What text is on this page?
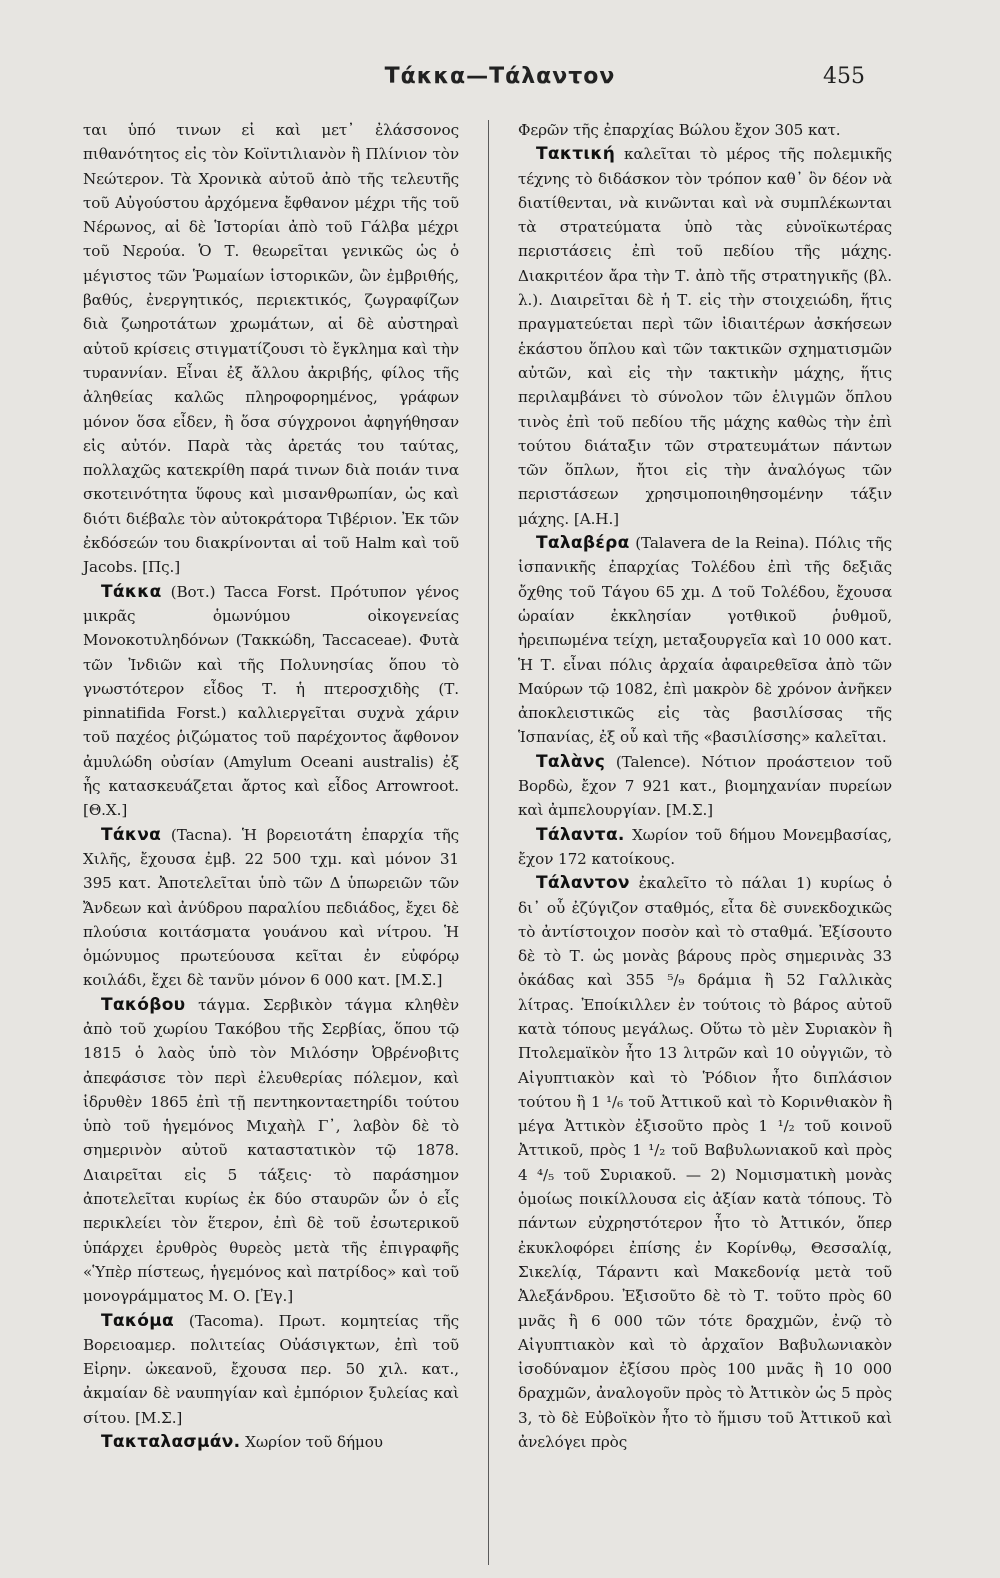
Τάκκα—Τάλαντον	455

ται ὑπό τινων εἰ καὶ μετ᾽ ἐλάσσονος πιθανότητος εἰς τὸν Κοϊντιλιανὸν ἢ Πλίνιον τὸν Νεώτερον. Τὰ Χρονικὰ αὐτοῦ ἀπὸ τῆς τελευτῆς τοῦ Αὐγούστου ἀρχόμενα ἔφθανον μέχρι τῆς τοῦ Νέρωνος, αἱ δὲ Ἱστορίαι ἀπὸ τοῦ Γάλβα μέχρι τοῦ Νερούα. Ὁ Τ. θεωρεῖται γενικῶς ὡς ὁ μέγιστος τῶν Ῥωμαίων ἱστορικῶν, ὢν ἐμβριθής, βαθύς, ἐνεργητικός, περιεκτικός, ζωγραφίζων διὰ ζωηροτάτων χρωμάτων, αἱ δὲ αὐστηραὶ αὐτοῦ κρίσεις στιγματίζουσι τὸ ἔγκλημα καὶ τὴν τυραννίαν. Εἶναι ἐξ ἄλλου ἀκριβής, φίλος τῆς ἀληθείας καλῶς πληροφορημένος, γράφων μόνον ὅσα εἶδεν, ἢ ὅσα σύγχρονοι ἀφηγήθησαν εἰς αὐτόν. Παρὰ τὰς ἀρετάς του ταύτας, πολλαχῶς κατεκρίθη παρά τινων διὰ ποιάν τινα σκοτεινότητα ὕφους καὶ μισανθρωπίαν, ὡς καὶ διότι διέβαλε τὸν αὐτοκράτορα Τιβέριον. Ἐκ τῶν ἐκδόσεών του διακρίνονται αἱ τοῦ Halm καὶ τοῦ Jacobs. [Πς.]

Τάκκα (Βοτ.) Tacca Forst. Πρότυπον γένος μικρᾶς ὁμωνύμου οἰκογενείας Μονοκοτυληδόνων (Τακκώδη, Taccaceae). Φυτὰ τῶν Ἰνδιῶν καὶ τῆς Πολυνησίας ὅπου τὸ γνωστότερον εἶδος Τ. ἡ πτεροσχιδὴς (Τ. pinnatifida Forst.) καλλιεργεῖται συχνὰ χάριν τοῦ παχέος ῥιζώματος τοῦ παρέχοντος ἄφθονον ἀμυλώδη οὐσίαν (Amylum Oceani australis) ἐξ ἧς κατασκευάζεται ἄρτος καὶ εἶδος Arrowroot. [Θ.Χ.]

Τάκνα (Tacna). Ἡ βορειοτάτη ἐπαρχία τῆς Χιλῆς, ἔχουσα ἐμβ. 22 500 τχμ. καὶ μόνον 31 395 κατ. Ἀποτελεῖται ὑπὸ τῶν Δ ὑπωρειῶν τῶν Ἄνδεων καὶ ἀνύδρου παραλίου πεδιάδος, ἔχει δὲ πλούσια κοιτάσματα γουάνου καὶ νίτρου. Ἡ ὁμώνυμος πρωτεύουσα κεῖται ἐν εὐφόρῳ κοιλάδι, ἔχει δὲ τανῦν μόνον 6 000 κατ. [Μ.Σ.]

Τακόβου τάγμα. Σερβικὸν τάγμα κληθὲν ἀπὸ τοῦ χωρίου Τακόβου τῆς Σερβίας, ὅπου τῷ 1815 ὁ λαὸς ὑπὸ τὸν Μιλόσην Ὀβρένοβιτς ἀπεφάσισε τὸν περὶ ἐλευθερίας πόλεμον, καὶ ἱδρυθὲν 1865 ἐπὶ τῇ πεντηκονταετηρίδι τούτου ὑπὸ τοῦ ἡγεμόνος Μιχαὴλ Γ᾽, λαβὸν δὲ τὸ σημερινὸν αὐτοῦ καταστατικὸν τῷ 1878. Διαιρεῖται εἰς 5 τάξεις· τὸ παράσημον ἀποτελεῖται κυρίως ἐκ δύο σταυρῶν ὧν ὁ εἷς περικλείει τὸν ἕτερον, ἐπὶ δὲ τοῦ ἐσωτερικοῦ ὑπάρχει ἐρυθρὸς θυρεὸς μετὰ τῆς ἐπιγραφῆς «Ὑπὲρ πίστεως, ἡγεμόνος καὶ πατρίδος» καὶ τοῦ μονογράμματος Μ. Ο. [Ἐγ.]

Τακόμα (Tacoma). Πρωτ. κομητείας τῆς Βορειοαμερ. πολιτείας Οὐάσιγκτων, ἐπὶ τοῦ Εἰρην. ὠκεανοῦ, ἔχουσα περ. 50 χιλ. κατ., ἀκμαίαν δὲ ναυπηγίαν καὶ ἐμπόριον ξυλείας καὶ σίτου. [Μ.Σ.]

Τακταλασμάν. Χωρίον τοῦ δήμου

Φερῶν τῆς ἐπαρχίας Βώλου ἔχον 305 κατ.

Τακτική καλεῖται τὸ μέρος τῆς πολεμικῆς τέχνης τὸ διδάσκον τὸν τρόπον καθ᾽ ὃν δέον νὰ διατίθενται, νὰ κινῶνται καὶ νὰ συμπλέκωνται τὰ στρατεύματα ὑπὸ τὰς εὐνοϊκωτέρας περιστάσεις ἐπὶ τοῦ πεδίου τῆς μάχης. Διακριτέον ἄρα τὴν Τ. ἀπὸ τῆς στρατηγικῆς (βλ. λ.). Διαιρεῖται δὲ ἡ Τ. εἰς τὴν στοιχειώδη, ἥτις πραγματεύεται περὶ τῶν ἰδιαιτέρων ἀσκήσεων ἑκάστου ὅπλου καὶ τῶν τακτικῶν σχηματισμῶν αὐτῶν, καὶ εἰς τὴν τακτικὴν μάχης, ἥτις περιλαμβάνει τὸ σύνολον τῶν ἑλιγμῶν ὅπλου τινὸς ἐπὶ τοῦ πεδίου τῆς μάχης καθὼς τὴν ἐπὶ τούτου διάταξιν τῶν στρατευμάτων πάντων τῶν ὅπλων, ἤτοι εἰς τὴν ἀναλόγως τῶν περιστάσεων χρησιμοποιηθησομένην τάξιν μάχης. [Α.Η.]

Ταλαβέρα (Talavera de la Reina). Πόλις τῆς ἱσπανικῆς ἐπαρχίας Τολέδου ἐπὶ τῆς δεξιᾶς ὄχθης τοῦ Τάγου 65 χμ. Δ τοῦ Τολέδου, ἔχουσα ὡραίαν ἐκκλησίαν γοτθικοῦ ῥυθμοῦ, ἠρειπωμένα τείχη, μεταξουργεῖα καὶ 10 000 κατ. Ἡ Τ. εἶναι πόλις ἀρχαία ἀφαιρεθεῖσα ἀπὸ τῶν Μαύρων τῷ 1082, ἐπὶ μακρὸν δὲ χρόνον ἀνῆκεν ἀποκλειστικῶς εἰς τὰς βασιλίσσας τῆς Ἱσπανίας, ἐξ οὗ καὶ τῆς «βασιλίσσης» καλεῖται.

Ταλὰνς (Talence). Νότιον προάστειον τοῦ Βορδὼ, ἔχον 7 921 κατ., βιομηχανίαν πυρείων καὶ ἀμπελουργίαν. [Μ.Σ.]

Τάλαντα. Χωρίον τοῦ δήμου Μονεμβασίας, ἔχον 172 κατοίκους.

Τάλαντον ἐκαλεῖτο τὸ πάλαι 1) κυρίως ὁ δι᾽ οὗ ἐζύγιζον σταθμός, εἶτα δὲ συνεκδοχικῶς τὸ ἀντίστοιχον ποσὸν καὶ τὸ σταθμά. Ἐξίσουτο δὲ τὸ Τ. ὡς μονὰς βάρους πρὸς σημερινὰς 33 ὀκάδας καὶ 355 ⁵/₉ δράμια ἢ 52 Γαλλικὰς λίτρας. Ἐποίκιλλεν ἐν τούτοις τὸ βάρος αὐτοῦ κατὰ τόπους μεγάλως. Οὕτω τὸ μὲν Συριακὸν ἢ Πτολεμαϊκὸν ἦτο 13 λιτρῶν καὶ 10 οὐγγιῶν, τὸ Αἰγυπτιακὸν καὶ τὸ Ῥόδιον ἦτο διπλάσιον τούτου ἢ 1 ¹/₆ τοῦ Ἀττικοῦ καὶ τὸ Κορινθιακὸν ἢ μέγα Ἀττικὸν ἐξισοῦτο πρὸς 1 ¹/₂ τοῦ κοινοῦ Ἀττικοῦ, πρὸς 1 ¹/₂ τοῦ Βαβυλωνιακοῦ καὶ πρὸς 4 ⁴/₅ τοῦ Συριακοῦ. — 2) Νομισματικὴ μονὰς ὁμοίως ποικίλλουσα εἰς ἀξίαν κατὰ τόπους. Τὸ πάντων εὐχρηστότερον ἦτο τὸ Ἀττικόν, ὅπερ ἐκυκλοφόρει ἐπίσης ἐν Κορίνθῳ, Θεσσαλίᾳ, Σικελίᾳ, Τάραντι καὶ Μακεδονίᾳ μετὰ τοῦ Ἀλεξάνδρου. Ἐξισοῦτο δὲ τὸ Τ. τοῦτο πρὸς 60 μνᾶς ἢ 6 000 τῶν τότε δραχμῶν, ἐνῷ τὸ Αἰγυπτιακὸν καὶ τὸ ἀρχαῖον Βαβυλωνιακὸν ἰσοδύναμον ἐξίσου πρὸς 100 μνᾶς ἢ 10 000 δραχμῶν, ἀναλογοῦν πρὸς τὸ Ἀττικὸν ὡς 5 πρὸς 3, τὸ δὲ Εὐβοϊκὸν ἦτο τὸ ἥμισυ τοῦ Ἀττικοῦ καὶ ἀνελόγει πρὸς
